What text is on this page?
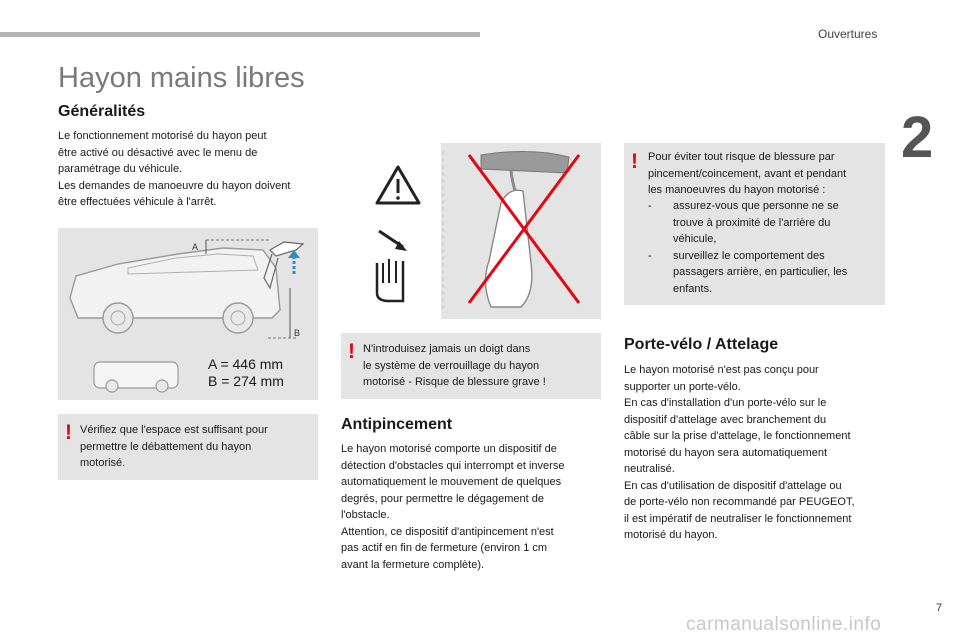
Ouvertures
2
Hayon mains libres
Généralités
Le fonctionnement motorisé du hayon peut
être activé ou désactivé avec le menu de
paramétrage du véhicule.
Les demandes de manoeuvre du hayon doivent
être effectuées véhicule à l'arrêt.
A
B
A = 446 mm
B = 274 mm
! Vérifiez que l'espace est suffisant pour
permettre le débattement du hayon
motorisé.
! N'introduisez jamais un doigt dans
le système de verrouillage du hayon
motorisé - Risque de blessure grave !
Antipincement
Le hayon motorisé comporte un dispositif de
détection d'obstacles qui interrompt et inverse
automatiquement le mouvement de quelques
degrés, pour permettre le dégagement de
l'obstacle.
Attention, ce dispositif d'antipincement n'est
pas actif en fin de fermeture (environ 1 cm
avant la fermeture complète).
! Pour éviter tout risque de blessure par
pincement/coincement, avant et pendant
les manoeuvres du hayon motorisé :
- assurez-vous que personne ne se
trouve à proximité de l'arrière du
véhicule,
- surveillez le comportement des
passagers arrière, en particulier, les
enfants.
Porte-vélo / Attelage
Le hayon motorisé n'est pas conçu pour
supporter un porte-vélo.
En cas d'installation d'un porte-vélo sur le
dispositif d'attelage avec branchement du
câble sur la prise d'attelage, le fonctionnement
motorisé du hayon sera automatiquement
neutralisé.
En cas d'utilisation de dispositif d'attelage ou
de porte-vélo non recommandé par PEUGEOT,
il est impératif de neutraliser le fonctionnement
motorisé du hayon.
carmanualsonline.info
7
